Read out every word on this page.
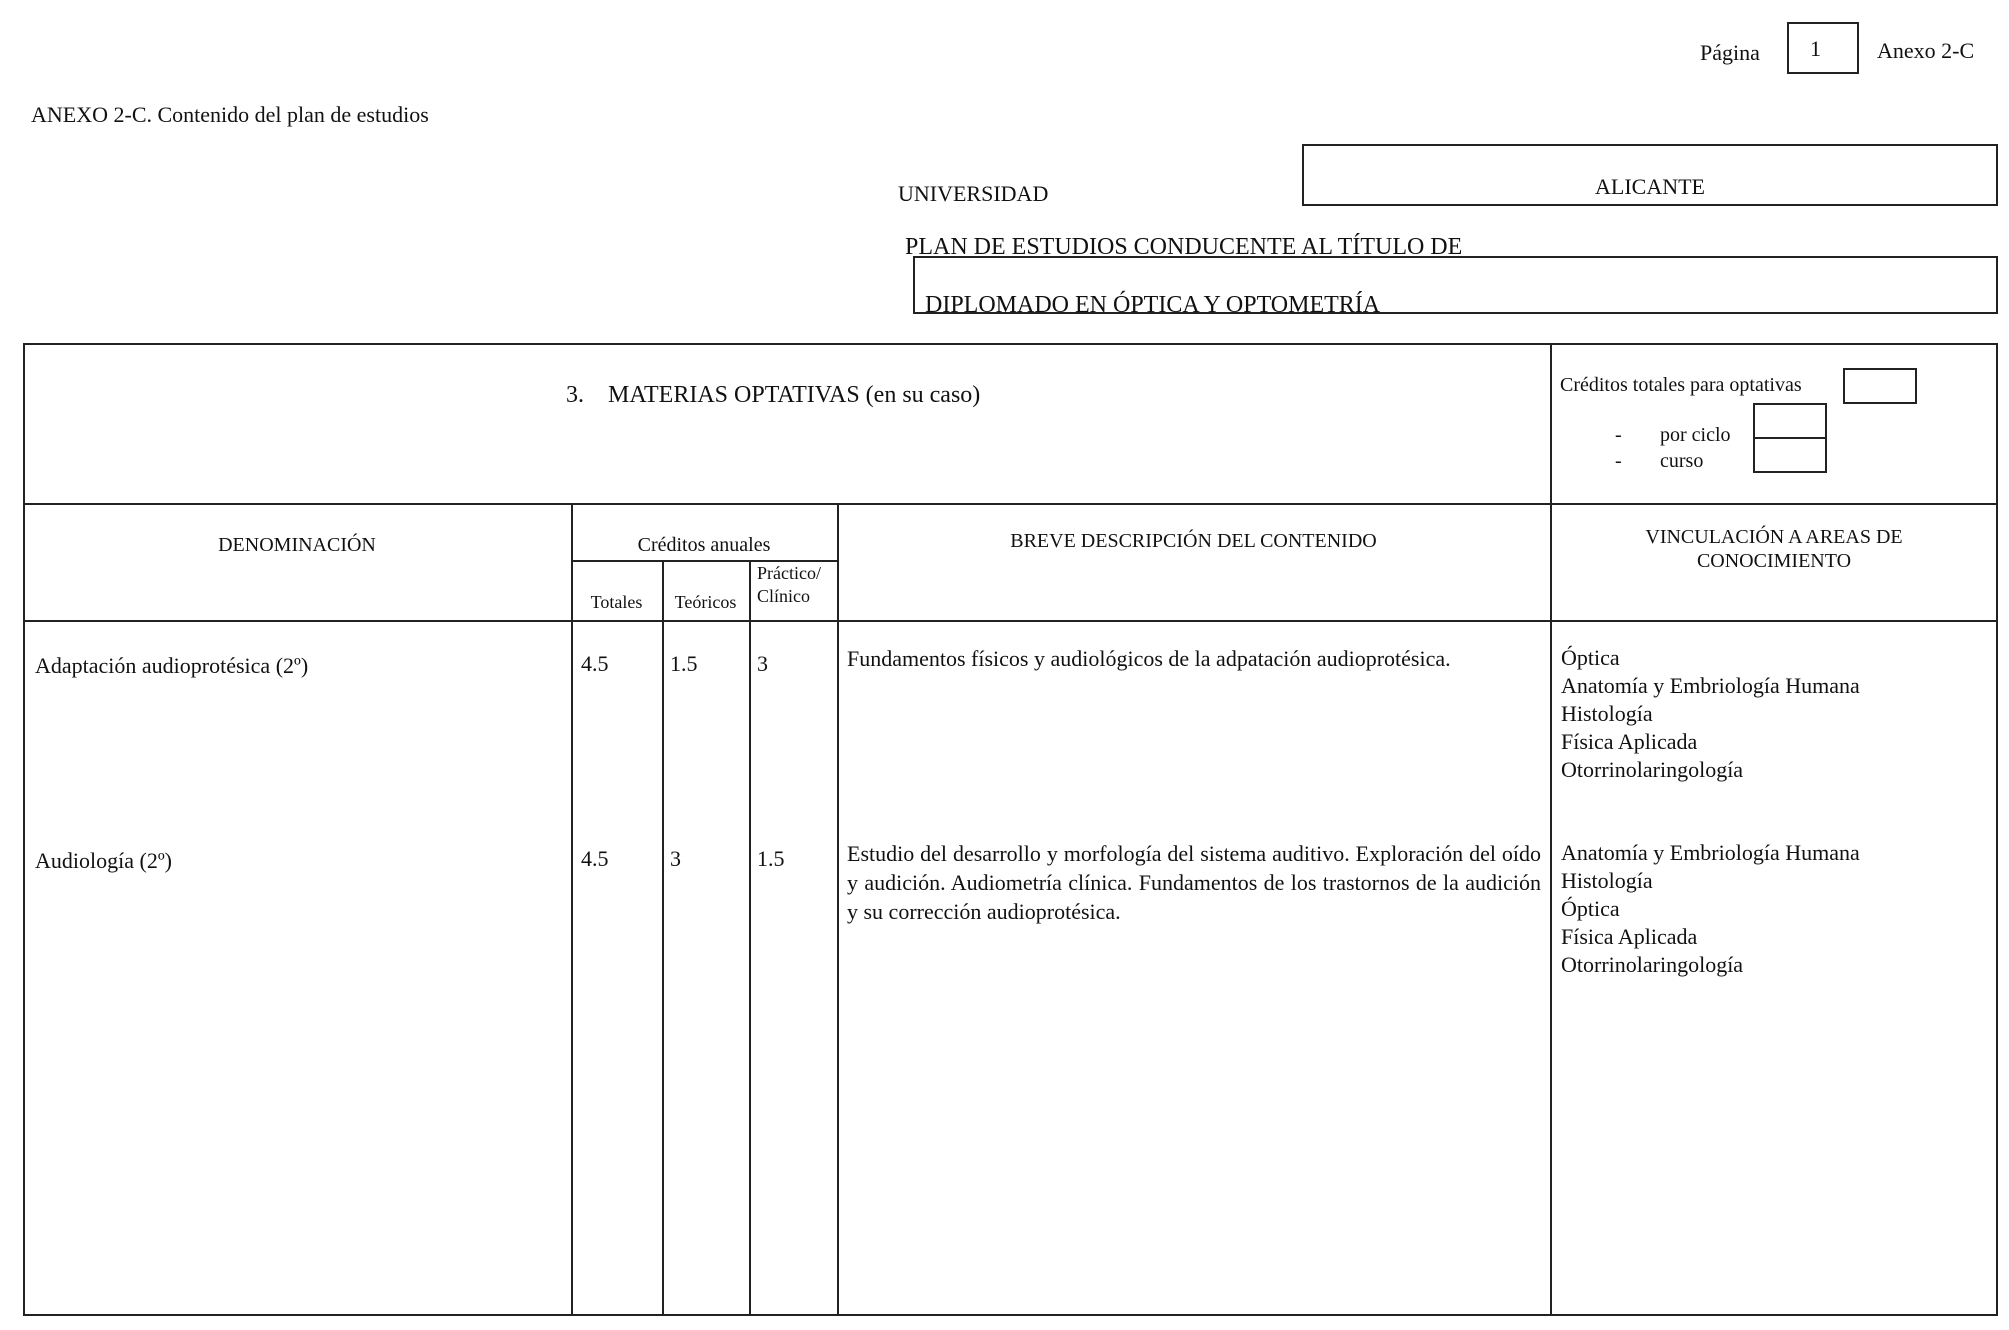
Página 1	Anexo 2-C
ANEXO 2-C. Contenido del plan de estudios
UNIVERSIDAD	ALICANTE
PLAN DE ESTUDIOS CONDUCENTE AL TÍTULO DE
DIPLOMADO EN ÓPTICA Y OPTOMETRÍA
3.    MATERIAS OPTATIVAS (en su caso)	Créditos totales para optativas
- por ciclo
- curso
DENOMINACIÓN	Créditos anuales
Totales	Teóricos
Práctico/
Clínico
BREVE DESCRIPCIÓN DEL CONTENIDO	VINCULACIÓN A AREAS DE
CONOCIMIENTO
Adaptación audioprotésica (2º)	4.5	1.5	3	Fundamentos físicos y audiológicos de la adpatación audioprotésica.	Óptica
Anatomía y Embriología Humana
Histología
Física Aplicada
Otorrinolaringología
Audiología (2º)	4.5	3	1.5	Estudio del desarrollo y morfología del sistema auditivo. Exploración del oído y audición. Audiometría clínica. Fundamentos de los trastornos de la audición y su corrección audioprotésica.
Anatomía y Embriología Humana
Histología
Óptica
Física Aplicada
Otorrinolaringología
